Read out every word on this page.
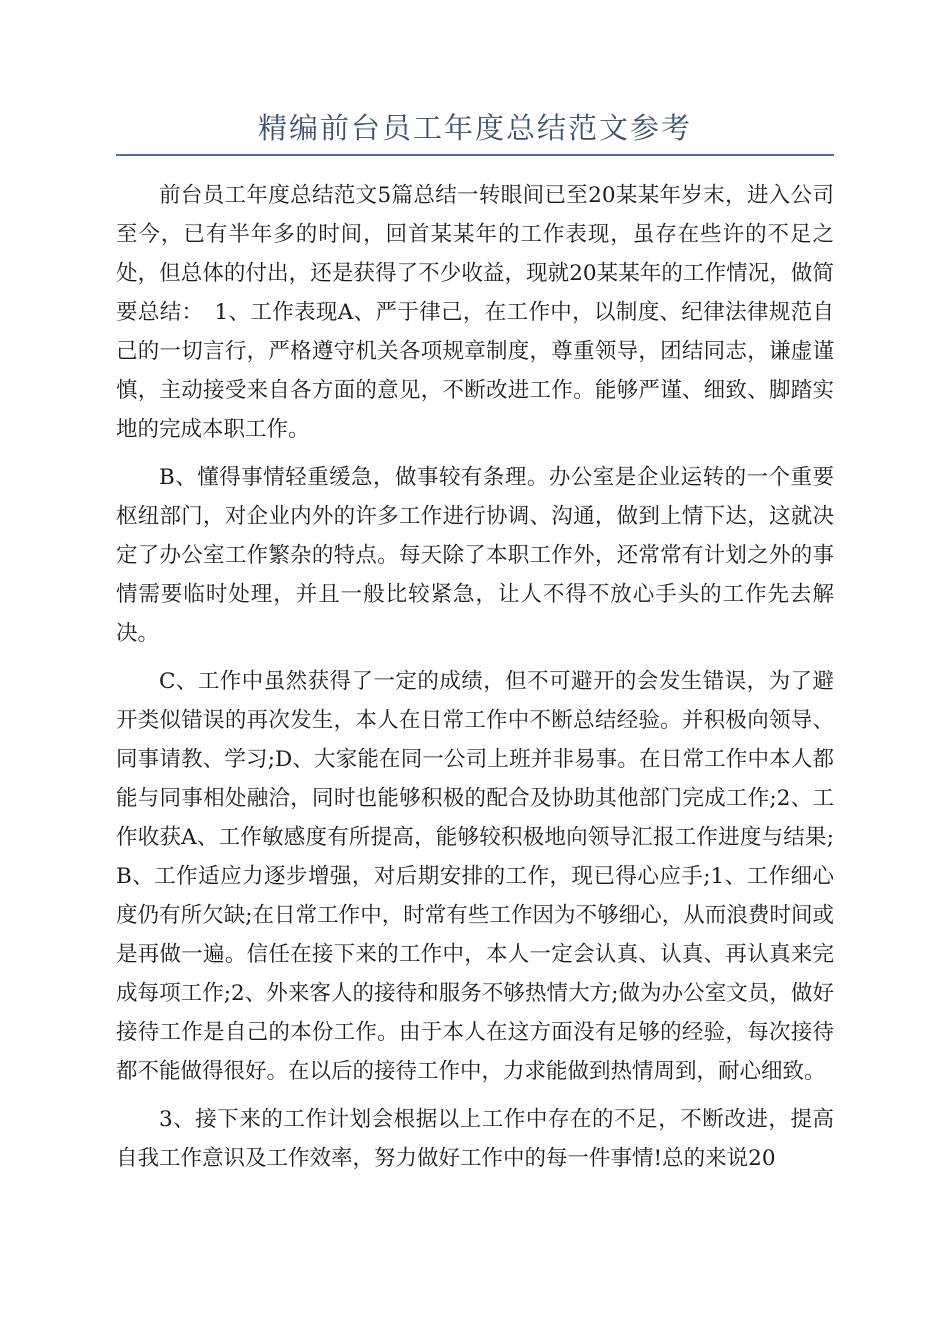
精编前台员工年度总结范文参考

前台员工年度总结范文5篇总结一转眼间已至20某某年岁末，进入公司至今，已有半年多的时间，回首某某年的工作表现，虽存在些许的不足之处，但总体的付出，还是获得了不少收益，现就20某某年的工作情况，做简要总结：　1、工作表现A、严于律己，在工作中，以制度、纪律法律规范自己的一切言行，严格遵守机关各项规章制度，尊重领导，团结同志，谦虚谨慎，主动接受来自各方面的意见，不断改进工作。能够严谨、细致、脚踏实地的完成本职工作。

B、懂得事情轻重缓急，做事较有条理。办公室是企业运转的一个重要枢纽部门，对企业内外的许多工作进行协调、沟通，做到上情下达，这就决定了办公室工作繁杂的特点。每天除了本职工作外，还常常有计划之外的事情需要临时处理，并且一般比较紧急，让人不得不放心手头的工作先去解决。

C、工作中虽然获得了一定的成绩，但不可避开的会发生错误，为了避开类似错误的再次发生，本人在日常工作中不断总结经验。并积极向领导、同事请教、学习;D、大家能在同一公司上班并非易事。在日常工作中本人都能与同事相处融洽，同时也能够积极的配合及协助其他部门完成工作;2、工作收获A、工作敏感度有所提高，能够较积极地向领导汇报工作进度与结果;B、工作适应力逐步增强，对后期安排的工作，现已得心应手;1、工作细心度仍有所欠缺;在日常工作中，时常有些工作因为不够细心，从而浪费时间或是再做一遍。信任在接下来的工作中，本人一定会认真、认真、再认真来完成每项工作;2、外来客人的接待和服务不够热情大方;做为办公室文员，做好接待工作是自己的本份工作。由于本人在这方面没有足够的经验，每次接待都不能做得很好。在以后的接待工作中，力求能做到热情周到，耐心细致。

3、接下来的工作计划会根据以上工作中存在的不足，不断改进，提高自我工作意识及工作效率，努力做好工作中的每一件事情!总的来说20
